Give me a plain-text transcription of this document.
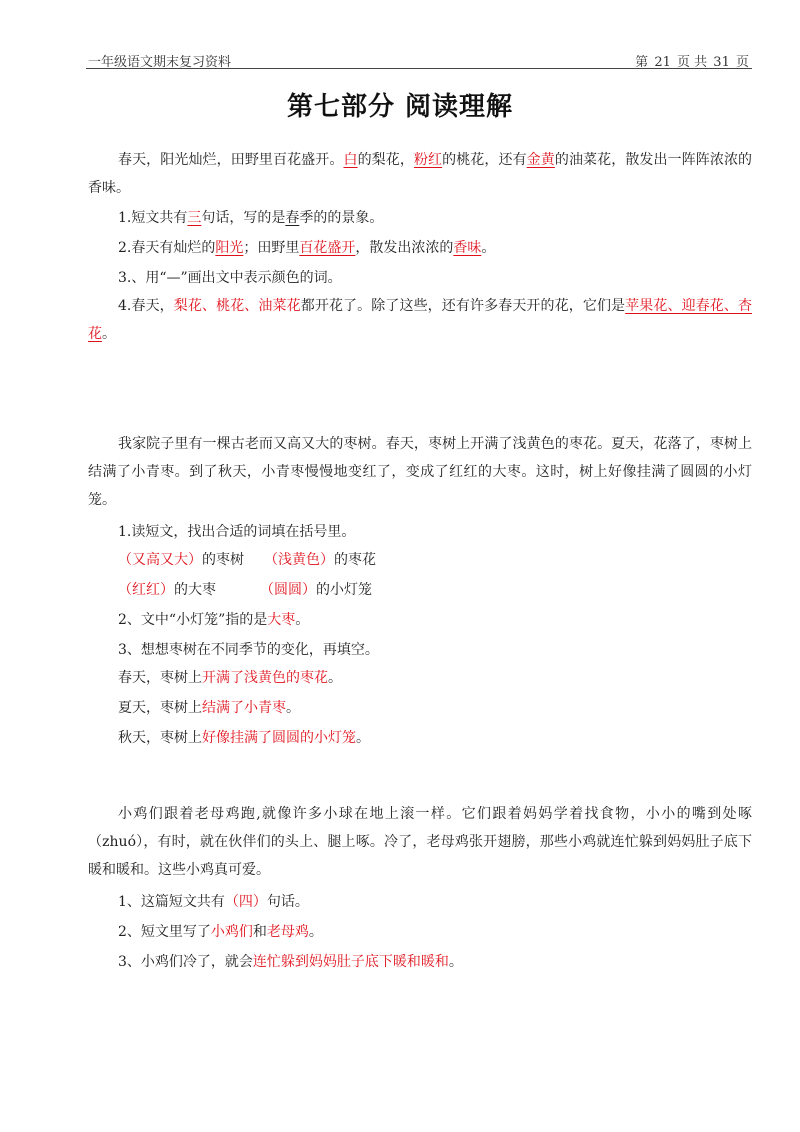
一年级语文期末复习资料	第 21 页 共 31 页
第七部分 阅读理解

春天，阳光灿烂，田野里百花盛开。白的梨花，粉红的桃花，还有金黄的油菜花，散发出一阵阵浓浓的香味。

1.短文共有三句话，写的是春季的的景象。
2.春天有灿烂的阳光；田野里百花盛开，散发出浓浓的香味。
3.、用“—”画出文中表示颜色的词。

4.春天，梨花、桃花、油菜花都开花了。除了这些，还有许多春天开的花，它们是苹果花、迎春花、杏花。

我家院子里有一棵古老而又高又大的枣树。春天，枣树上开满了浅黄色的枣花。夏天，花落了，枣树上结满了小青枣。到了秋天，小青枣慢慢地变红了，变成了红红的大枣。这时，树上好像挂满了圆圆的小灯笼。

1.读短文，找出合适的词填在括号里。
（又高又大）的枣树 （浅黄色）的枣花
（红红）的大枣	（圆圆）的小灯笼
2、文中“小灯笼”指的是大枣。
3、想想枣树在不同季节的变化，再填空。
春天，枣树上开满了浅黄色的枣花。
夏天，枣树上结满了小青枣。
秋天，枣树上好像挂满了圆圆的小灯笼。

小鸡们跟着老母鸡跑,就像许多小球在地上滚一样。它们跟着妈妈学着找食物，小小的嘴到处啄（zhuó），有时，就在伙伴们的头上、腿上啄。冷了，老母鸡张开翅膀，那些小鸡就连忙躲到妈妈肚子底下暖和暖和。这些小鸡真可爱。

1、这篇短文共有（四）句话。
2、短文里写了小鸡们和老母鸡。
3、小鸡们冷了，就会连忙躲到妈妈肚子底下暖和暖和。
